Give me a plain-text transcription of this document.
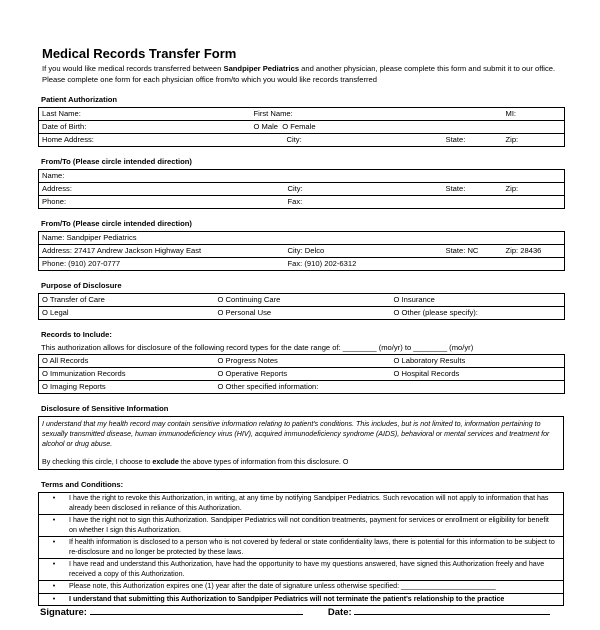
Medical Records Transfer Form
If you would like medical records transferred between Sandpiper Pediatrics and another physician, please complete this form and submit it to our office. Please complete one form for each physician office from/to which you would like records transferred
Patient Authorization
Last Name:	First Name:		MI:
Date of Birth:	O Male O Female		
Home Address:	City:	State:	Zip:
From/To (Please circle intended direction)
Name:			
Address:	City:	State:	Zip:
Phone:	Fax:		
From/To (Please circle intended direction)
Name: Sandpiper Pediatrics			
Address: 27417 Andrew Jackson Highway East	City: Delco	State: NC	Zip: 28436
Phone: (910) 207-0777	Fax: (910) 202-6312		
Purpose of Disclosure
O Transfer of Care	O Continuing Care	O Insurance
O Legal	O Personal Use	O Other (please specify):
Records to Include:
This authorization allows for disclosure of the following record types for the date range of: ________ (mo/yr) to ________ (mo/yr)
O All Records	O Progress Notes	O Laboratory Results
O Immunization Records	O Operative Reports	O Hospital Records
O Imaging Reports	O Other specified information:	
Disclosure of Sensitive Information
I understand that my health record may contain sensitive information relating to patient's conditions. This includes, but is not limited to, information pertaining to sexually transmitted disease, human immunodeficiency virus (HIV), acquired immunodeficiency syndrome (AIDS), behavioral or mental services and treatment for alcohol or drug abuse.
By checking this circle, I choose to exclude the above types of information from this disclosure. O
Terms and Conditions:
•	I have the right to revoke this Authorization, in writing, at any time by notifying Sandpiper Pediatrics. Such revocation will not apply to information that has already been disclosed in reliance of this Authorization.
•	I have the right not to sign this Authorization. Sandpiper Pediatrics will not condition treatments, payment for services or enrollment or eligibility for benefit on whether I sign this Authorization.
•	If health information is disclosed to a person who is not covered by federal or state confidentiality laws, there is potential for this information to be subject to re-disclosure and no longer be protected by these laws.
•	I have read and understand this Authorization, have had the opportunity to have my questions answered, have signed this Authorization freely and have received a copy of this Authorization.
•	Please note, this Authorization expires one (1) year after the date of signature unless otherwise specified: ________________________
•	I understand that submitting this Authorization to Sandpiper Pediatrics will not terminate the patient's relationship to the practice
Signature:	Date:
